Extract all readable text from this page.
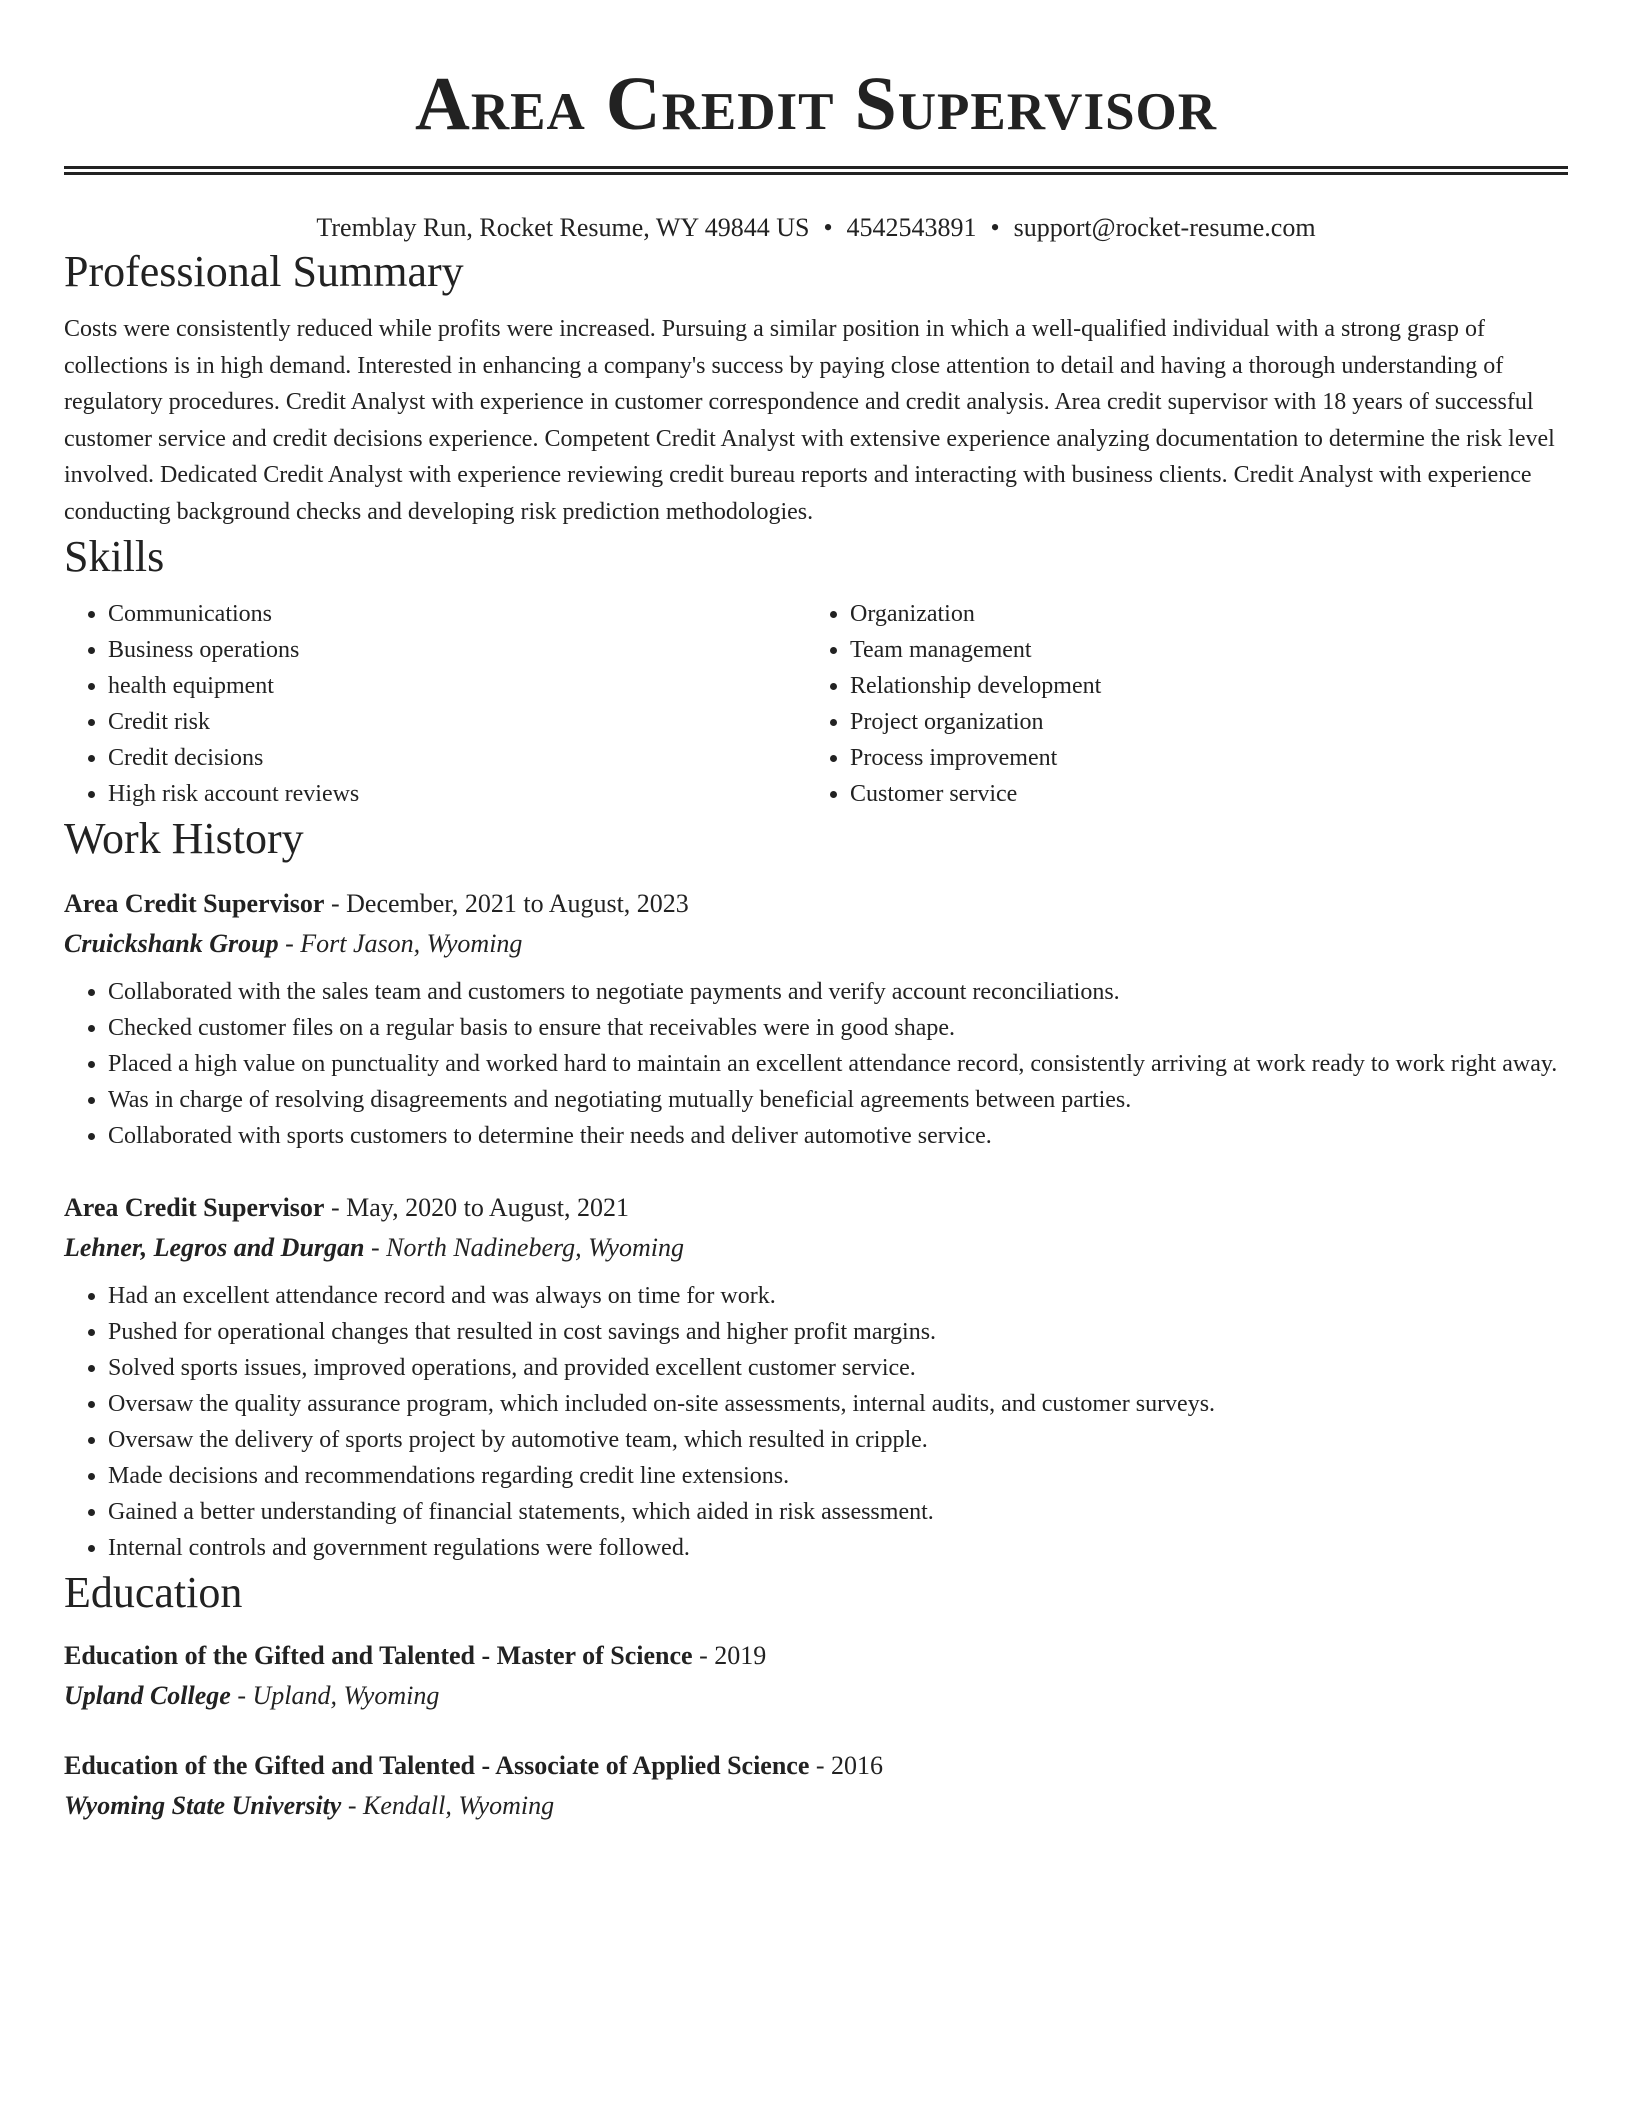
Area Credit Supervisor
Tremblay Run, Rocket Resume, WY 49844 US • 4542543891 • support@rocket-resume.com
Professional Summary

Costs were consistently reduced while profits were increased. Pursuing a similar position in which a well-qualified individual with a strong grasp of collections is in high demand. Interested in enhancing a company's success by paying close attention to detail and having a thorough understanding of regulatory procedures. Credit Analyst with experience in customer correspondence and credit analysis. Area credit supervisor with 18 years of successful customer service and credit decisions experience. Competent Credit Analyst with extensive experience analyzing documentation to determine the risk level involved. Dedicated Credit Analyst with experience reviewing credit bureau reports and interacting with business clients. Credit Analyst with experience conducting background checks and developing risk prediction methodologies.

Skills
• Communications
• Business operations
• health equipment
• Credit risk
• Credit decisions
• High risk account reviews
• Organization
• Team management
• Relationship development
• Project organization
• Process improvement
• Customer service
Work History
Area Credit Supervisor - December, 2021 to August, 2023
Cruickshank Group - Fort Jason, Wyoming
• Collaborated with the sales team and customers to negotiate payments and verify account reconciliations.
• Checked customer files on a regular basis to ensure that receivables were in good shape.
• Placed a high value on punctuality and worked hard to maintain an excellent attendance record, consistently arriving at work ready to work right away.
• Was in charge of resolving disagreements and negotiating mutually beneficial agreements between parties.
• Collaborated with sports customers to determine their needs and deliver automotive service.
Area Credit Supervisor - May, 2020 to August, 2021
Lehner, Legros and Durgan - North Nadineberg, Wyoming
• Had an excellent attendance record and was always on time for work.
• Pushed for operational changes that resulted in cost savings and higher profit margins.
• Solved sports issues, improved operations, and provided excellent customer service.
• Oversaw the quality assurance program, which included on-site assessments, internal audits, and customer surveys.
• Oversaw the delivery of sports project by automotive team, which resulted in cripple.
• Made decisions and recommendations regarding credit line extensions.
• Gained a better understanding of financial statements, which aided in risk assessment.
• Internal controls and government regulations were followed.
Education
Education of the Gifted and Talented - Master of Science - 2019
Upland College - Upland, Wyoming
Education of the Gifted and Talented - Associate of Applied Science - 2016
Wyoming State University - Kendall, Wyoming
